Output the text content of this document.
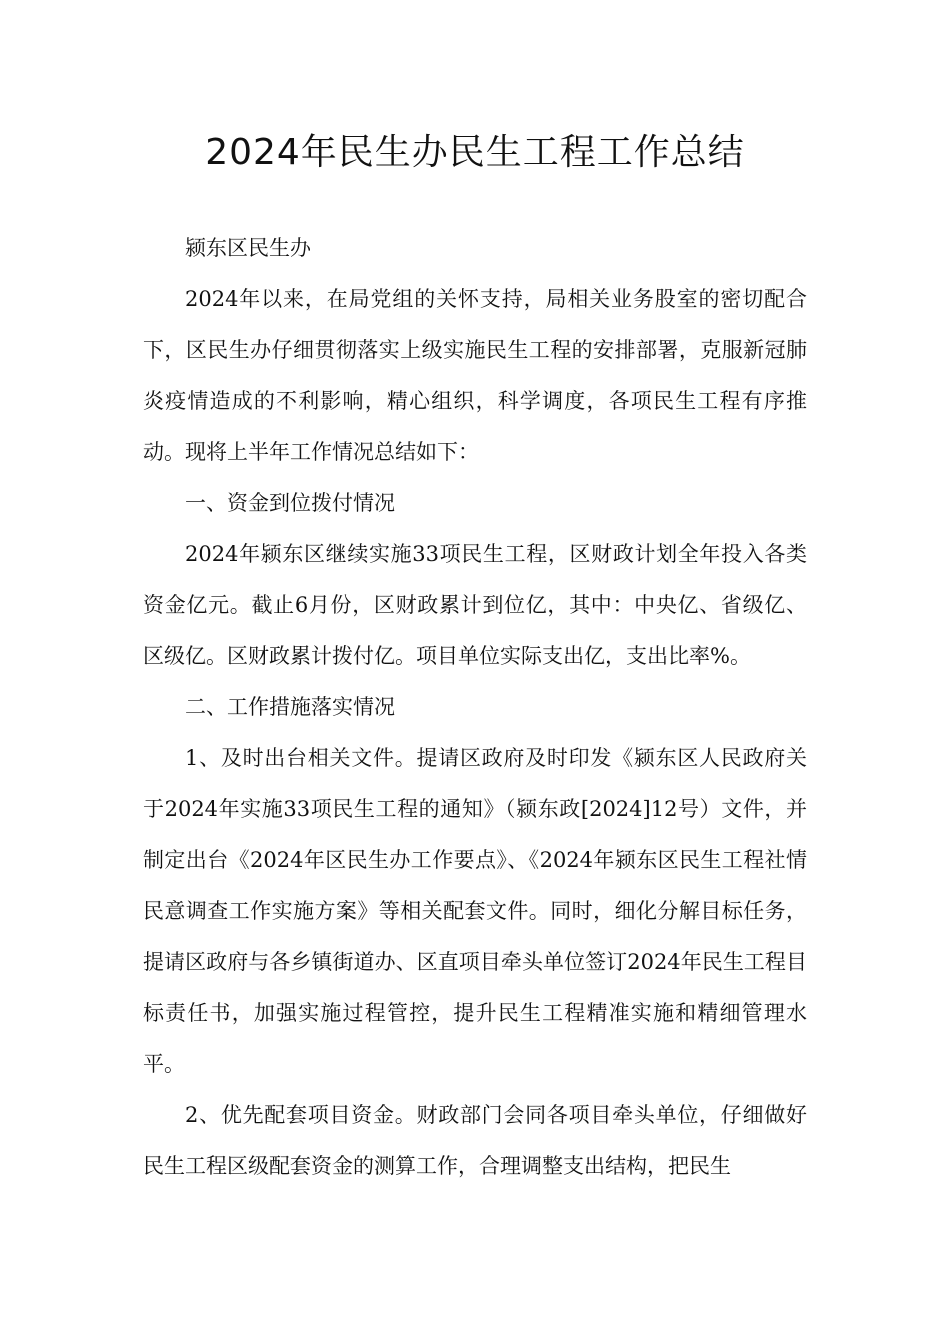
2024年民生办民生工程工作总结

颍东区民生办

2024年以来，在局党组的关怀支持，局相关业务股室的密切配合下，区民生办仔细贯彻落实上级实施民生工程的安排部署，克服新冠肺炎疫情造成的不利影响，精心组织，科学调度，各项民生工程有序推动。现将上半年工作情况总结如下：

一、资金到位拨付情况

2024年颍东区继续实施33项民生工程，区财政计划全年投入各类资金亿元。截止6月份，区财政累计到位亿，其中：中央亿、省级亿、区级亿。区财政累计拨付亿。项目单位实际支出亿，支出比率%。

二、工作措施落实情况

1、及时出台相关文件。提请区政府及时印发《颍东区人民政府关于2024年实施33项民生工程的通知》（颍东政[2024]12号）文件，并制定出台《2024年区民生办工作要点》、《2024年颍东区民生工程社情民意调查工作实施方案》等相关配套文件。同时，细化分解目标任务，提请区政府与各乡镇街道办、区直项目牵头单位签订2024年民生工程目标责任书，加强实施过程管控，提升民生工程精准实施和精细管理水平。

2、优先配套项目资金。财政部门会同各项目牵头单位，仔细做好民生工程区级配套资金的测算工作，合理调整支出结构，把民生
